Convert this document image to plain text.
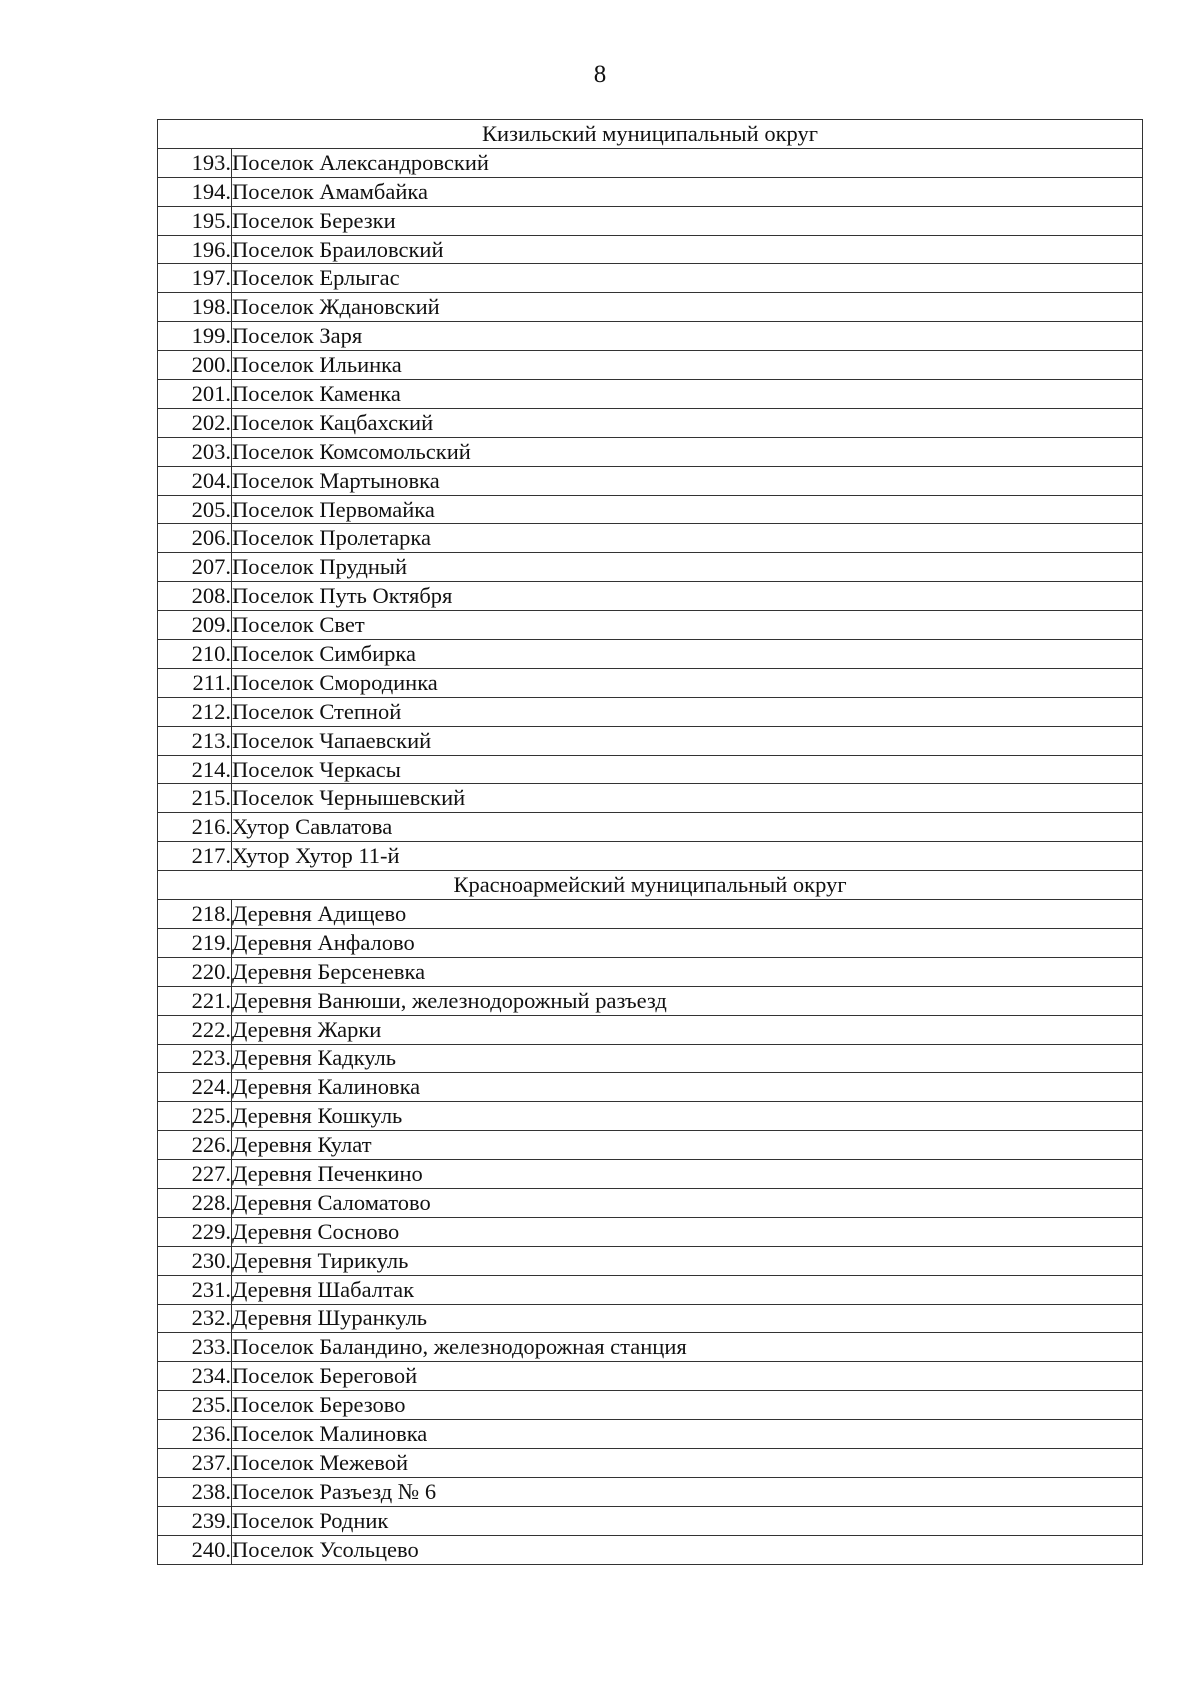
8
Кизильский муниципальный округ	
193.	Поселок Александровский
194.	Поселок Амамбайка
195.	Поселок Березки
196.	Поселок Браиловский
197.	Поселок Ерлыгас
198.	Поселок Ждановский
199.	Поселок Заря
200.	Поселок Ильинка
201.	Поселок Каменка
202.	Поселок Кацбахский
203.	Поселок Комсомольский
204.	Поселок Мартыновка
205.	Поселок Первомайка
206.	Поселок Пролетарка
207.	Поселок Прудный
208.	Поселок Путь Октября
209.	Поселок Свет
210.	Поселок Симбирка
211.	Поселок Смородинка
212.	Поселок Степной
213.	Поселок Чапаевский
214.	Поселок Черкасы
215.	Поселок Чернышевский
216.	Хутор Савлатова
217.	Хутор Хутор 11-й
Красноармейский муниципальный округ	
218.	Деревня Адищево
219.	Деревня Анфалово
220.	Деревня Берсеневка
221.	Деревня Ванюши, железнодорожный разъезд
222.	Деревня Жарки
223.	Деревня Кадкуль
224.	Деревня Калиновка
225.	Деревня Кошкуль
226.	Деревня Кулат
227.	Деревня Печенкино
228.	Деревня Саломатово
229.	Деревня Сосново
230.	Деревня Тирикуль
231.	Деревня Шабалтак
232.	Деревня Шуранкуль
233.	Поселок Баландино, железнодорожная станция
234.	Поселок Береговой
235.	Поселок Березово
236.	Поселок Малиновка
237.	Поселок Межевой
238.	Поселок Разъезд № 6
239.	Поселок Родник
240.	Поселок Усольцево
